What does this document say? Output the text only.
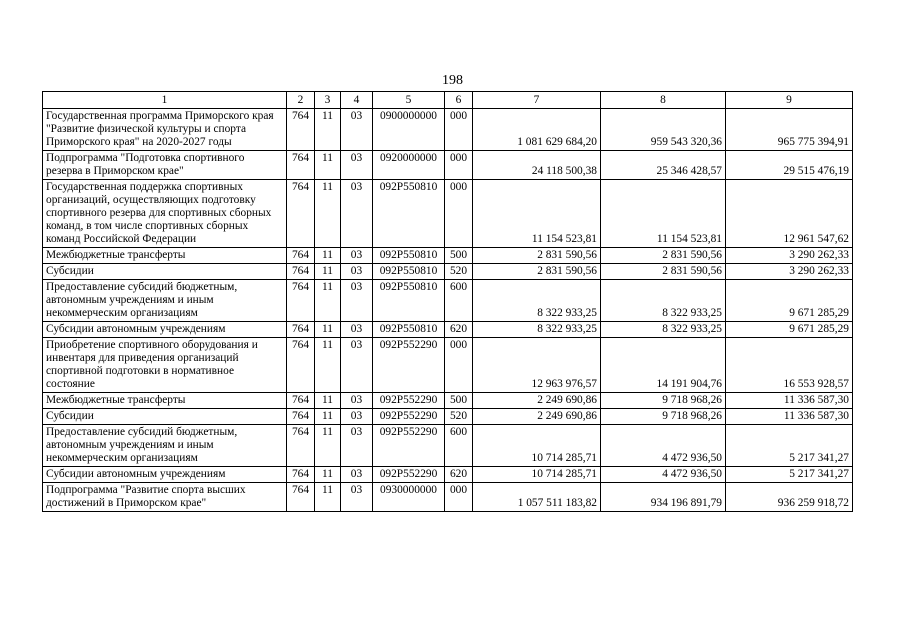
198
1	2	3	4	5	6	7	8	9
Государственная программа Приморского края "Развитие физической культуры и спорта Приморского края" на 2020-2027 годы	764	11	03	0900000000	000	1 081 629 684,20	959 543 320,36	965 775 394,91
Подпрограмма "Подготовка спортивного резерва в Приморском крае"	764	11	03	0920000000	000	24 118 500,38	25 346 428,57	29 515 476,19
Государственная поддержка спортивных организаций, осуществляющих подготовку спортивного резерва для спортивных сборных команд, в том числе спортивных сборных команд Российской Федерации	764	11	03	092P550810	000	11 154 523,81	11 154 523,81	12 961 547,62
Межбюджетные трансферты	764	11	03	092P550810	500	2 831 590,56	2 831 590,56	3 290 262,33
Субсидии	764	11	03	092P550810	520	2 831 590,56	2 831 590,56	3 290 262,33
Предоставление субсидий бюджетным, автономным учреждениям и иным некоммерческим организациям	764	11	03	092P550810	600	8 322 933,25	8 322 933,25	9 671 285,29
Субсидии автономным учреждениям	764	11	03	092P550810	620	8 322 933,25	8 322 933,25	9 671 285,29
Приобретение спортивного оборудования и инвентаря для приведения организаций спортивной подготовки в нормативное состояние	764	11	03	092P552290	000	12 963 976,57	14 191 904,76	16 553 928,57
Межбюджетные трансферты	764	11	03	092P552290	500	2 249 690,86	9 718 968,26	11 336 587,30
Субсидии	764	11	03	092P552290	520	2 249 690,86	9 718 968,26	11 336 587,30
Предоставление субсидий бюджетным, автономным учреждениям и иным некоммерческим организациям	764	11	03	092P552290	600	10 714 285,71	4 472 936,50	5 217 341,27
Субсидии автономным учреждениям	764	11	03	092P552290	620	10 714 285,71	4 472 936,50	5 217 341,27
Подпрограмма "Развитие спорта высших достижений в Приморском крае"	764	11	03	0930000000	000	1 057 511 183,82	934 196 891,79	936 259 918,72
